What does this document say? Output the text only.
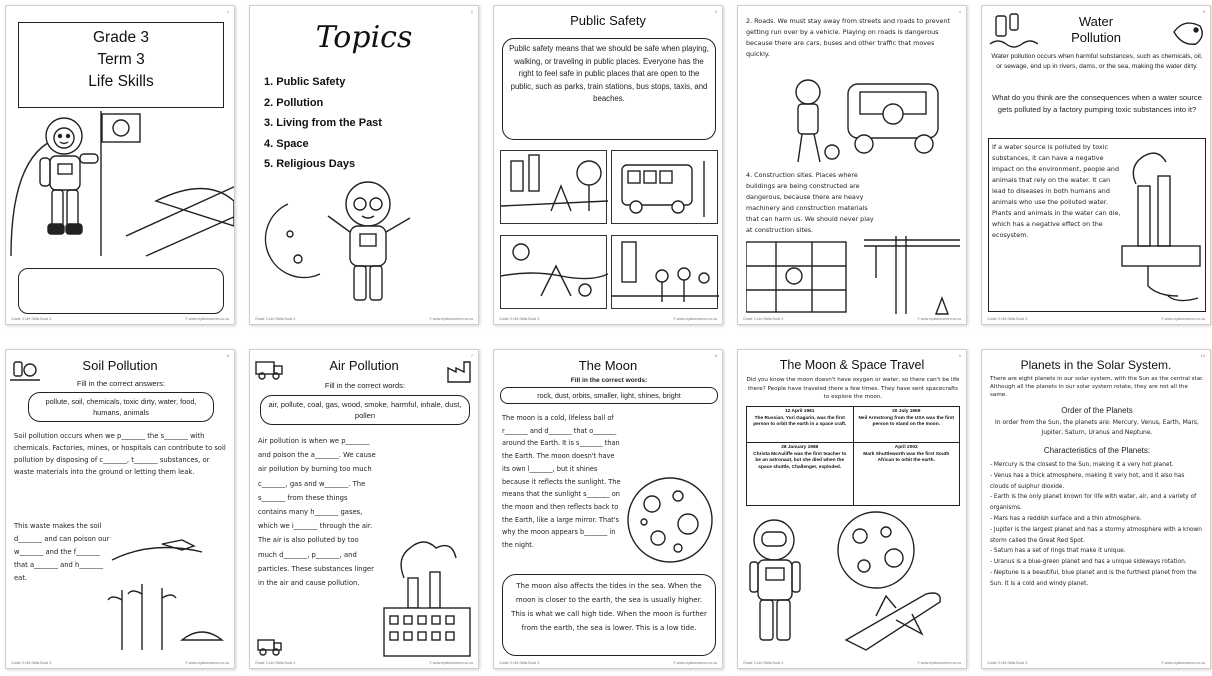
1
Grade 3
Term 3
Life Skills
Grade 3 Life Skills Book 3	© www.mykidsmarven.co.za
2
Topics
1. Public Safety
2. Pollution
3. Living from the Past
4. Space
5. Religious Days
Grade 3 Life Skills Book 3	© www.mykidsmarven.co.za
3
Public Safety
Public safety means that we should be safe when playing, walking, or traveling in public places. Everyone has the right to feel safe in public places that are open to the public, such as parks, train stations, bus stops, taxis, and beaches.
Grade 3 Life Skills Book 3	© www.mykidsmarven.co.za
4
2. Roads. We must stay away from streets and roads to prevent getting run over by a vehicle. Playing on roads is dangerous because there are cars, buses and other traffic that moves quickly.
4. Construction sites. Places where buildings are being constructed are dangerous, because there are heavy machinery and construction materials that can harm us. We should never play at construction sites.
Grade 3 Life Skills Book 3	© www.mykidsmarven.co.za
5
Water
Pollution
Water pollution occurs when harmful substances, such as chemicals, oil, or sewage, end up in rivers, dams, or the sea, making the water dirty.
What do you think are the consequences when a water source gets polluted by a factory pumping toxic substances into it?
If a water source is polluted by toxic substances, it can have a negative impact on the environment, people and animals that rely on the water. It can lead to diseases in both humans and animals who use the polluted water. Plants and animals in the water can die, which has a negative effect on the ecosystem.
Grade 3 Life Skills Book 3	© www.mykidsmarven.co.za
6
Soil Pollution
Fill in the correct answers:
pollute, soil, chemicals, toxic dirty, water, food, humans, animals
Soil pollution occurs when we p_______ the s_______ with chemicals. Factories, mines, or hospitals can contribute to soil pollution by disposing of c_______, t_______ substances, or waste materials into the ground or letting them leak.
This waste makes the soil d_______ and can poison our w_______ and the f_______ that a_______ and h_______ eat.
Grade 3 Life Skills Book 3	© www.mykidsmarven.co.za
7
Air Pollution
Fill in the correct words:
air, pollute, coal, gas, wood, smoke, harmful, inhale, dust, pollen
Air pollution is when we p_______ and poison the a_______. We cause air pollution by burning too much c_______, gas and w_______. The s_______ from these things contains many h_______ gases, which we i_______ through the air. The air is also polluted by too much d_______, p_______, and particles. These substances linger in the air and cause pollution.
Grade 3 Life Skills Book 3	© www.mykidsmarven.co.za
8
The Moon
Fill in the correct words:
rock, dust, orbits, smaller, light, shines, bright
The moon is a cold, lifeless ball of r_______ and d_______ that o_______ around the Earth. It is s_______ than the Earth. The moon doesn't have its own l_______, but it shines because it reflects the sunlight. The means that the sunlight s_______ on the moon and then reflects back to the Earth, like a large mirror. That's why the moon appears b_______ in the night.
The moon also affects the tides in the sea. When the moon is closer to the earth, the sea is usually higher. This is what we call high tide. When the moon is further from the earth, the sea is lower. This is a low tide.
Grade 3 Life Skills Book 3	© www.mykidsmarven.co.za
9
The Moon & Space Travel
Did you know the moon doesn't have oxygen or water, so there can't be life there? People have traveled there a few times. They have sent spacecrafts to explore the moon.
12 April 1961
The Russian, Yuri Gagarin, was the first person to orbit the earth in a space craft.
20 July 1969
Neil Armstrong from the USA was the first person to stand on the moon.
28 January 1986
Christa McAuliffe was the first teacher to be an astronaut, but she died when the space shuttle, Challenger, exploded.
April 2002
Mark Shuttleworth was the first South African to orbit the earth.
Grade 3 Life Skills Book 3	© www.mykidsmarven.co.za
10
Planets in the Solar System.
There are eight planets in our solar system, with the Sun as the central star. Although all the planets in our solar system rotate, they are not all the same.
Order of the Planets
In order from the Sun, the planets are: Mercury, Venus, Earth, Mars, Jupiter, Saturn, Uranus and Neptune.
Characteristics of the Planets:
- Mercury is the closest to the Sun, making it a very hot planet.
- Venus has a thick atmosphere, making it very hot, and it also has clouds of sulphur dioxide.
- Earth is the only planet known for life with water, air, and a variety of organisms.
- Mars has a reddish surface and a thin atmosphere.
- Jupiter is the largest planet and has a stormy atmosphere with a known storm called the Great Red Spot.
- Saturn has a set of rings that make it unique.
- Uranus is a blue-green planet and has a unique sideways rotation.
- Neptune is a beautiful, blue planet and is the furthest planet from the Sun. It is a cold and windy planet.
Grade 3 Life Skills Book 3	© www.mykidsmarven.co.za
